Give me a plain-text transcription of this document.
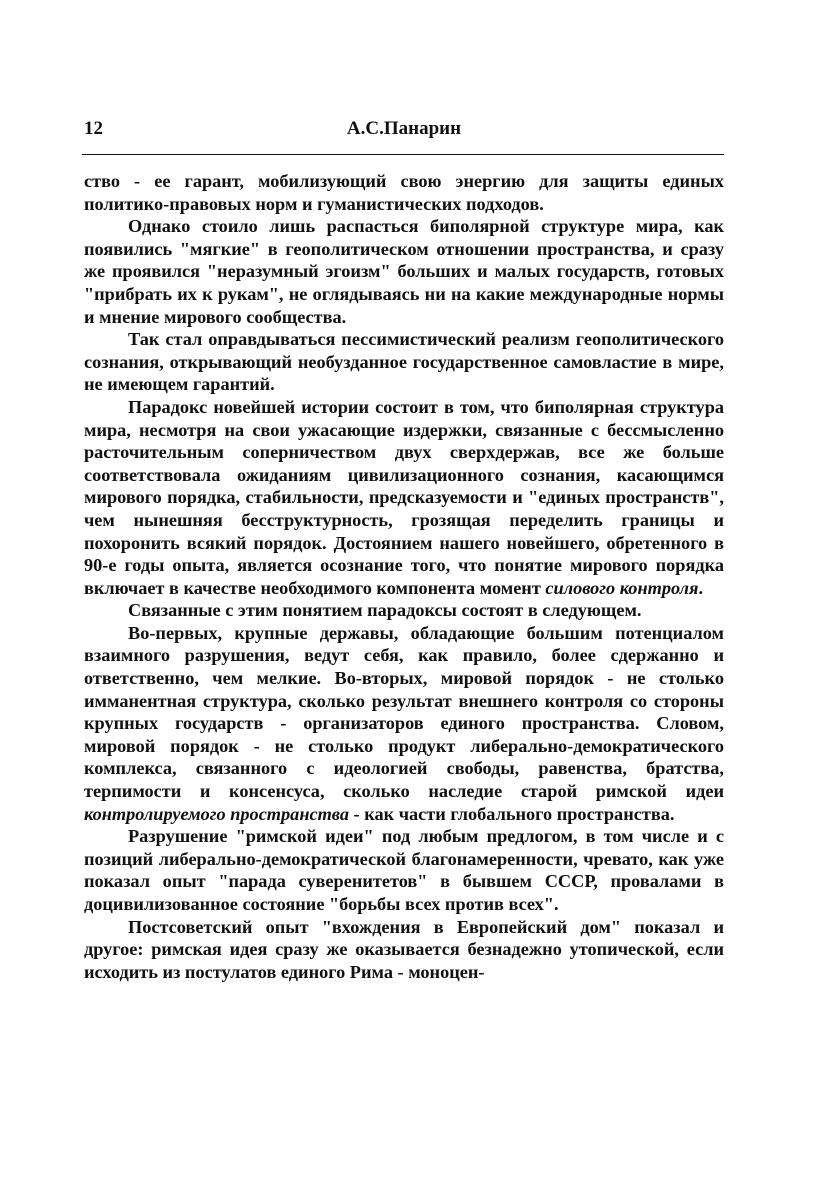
12	А.С.Панарин

ство - ее гарант, мобилизующий свою энергию для защиты единых политико-правовых норм и гуманистических подходов.

Однако стоило лишь распасться биполярной структуре мира, как появились "мягкие" в геополитическом отношении пространства, и сразу же проявился "неразумный эгоизм" больших и малых государств, готовых "прибрать их к рукам", не оглядываясь ни на какие международные нормы и мнение мирового сообщества.

Так стал оправдываться пессимистический реализм геополитического сознания, открывающий необузданное государственное самовластие в мире, не имеющем гарантий.

Парадокс новейшей истории состоит в том, что биполярная структура мира, несмотря на свои ужасающие издержки, связанные с бессмысленно расточительным соперничеством двух сверхдержав, все же больше соответствовала ожиданиям цивилизационного сознания, касающимся мирового порядка, стабильности, предсказуемости и "единых пространств", чем нынешняя бесструктурность, грозящая переделить границы и похоронить всякий порядок. Достоянием нашего новейшего, обретенного в 90-е годы опыта, является осознание того, что понятие мирового порядка включает в качестве необходимого компонента момент силового контроля.

Связанные с этим понятием парадоксы состоят в следующем.

Во-первых, крупные державы, обладающие большим потенциалом взаимного разрушения, ведут себя, как правило, более сдержанно и ответственно, чем мелкие. Во-вторых, мировой порядок - не столько имманентная структура, сколько результат внешнего контроля со стороны крупных государств - организаторов единого пространства. Словом, мировой порядок - не столько продукт либерально-демократического комплекса, связанного с идеологией свободы, равенства, братства, терпимости и консенсуса, сколько наследие старой римской идеи контролируемого пространства - как части глобального пространства.

Разрушение "римской идеи" под любым предлогом, в том числе и с позиций либерально-демократической благонамеренности, чревато, как уже показал опыт "парада суверенитетов" в бывшем СССР, провалами в доцивилизованное состояние "борьбы всех против всех".

Постсоветский опыт "вхождения в Европейский дом" показал и другое: римская идея сразу же оказывается безнадежно утопической, если исходить из постулатов единого Рима - моноцен-
